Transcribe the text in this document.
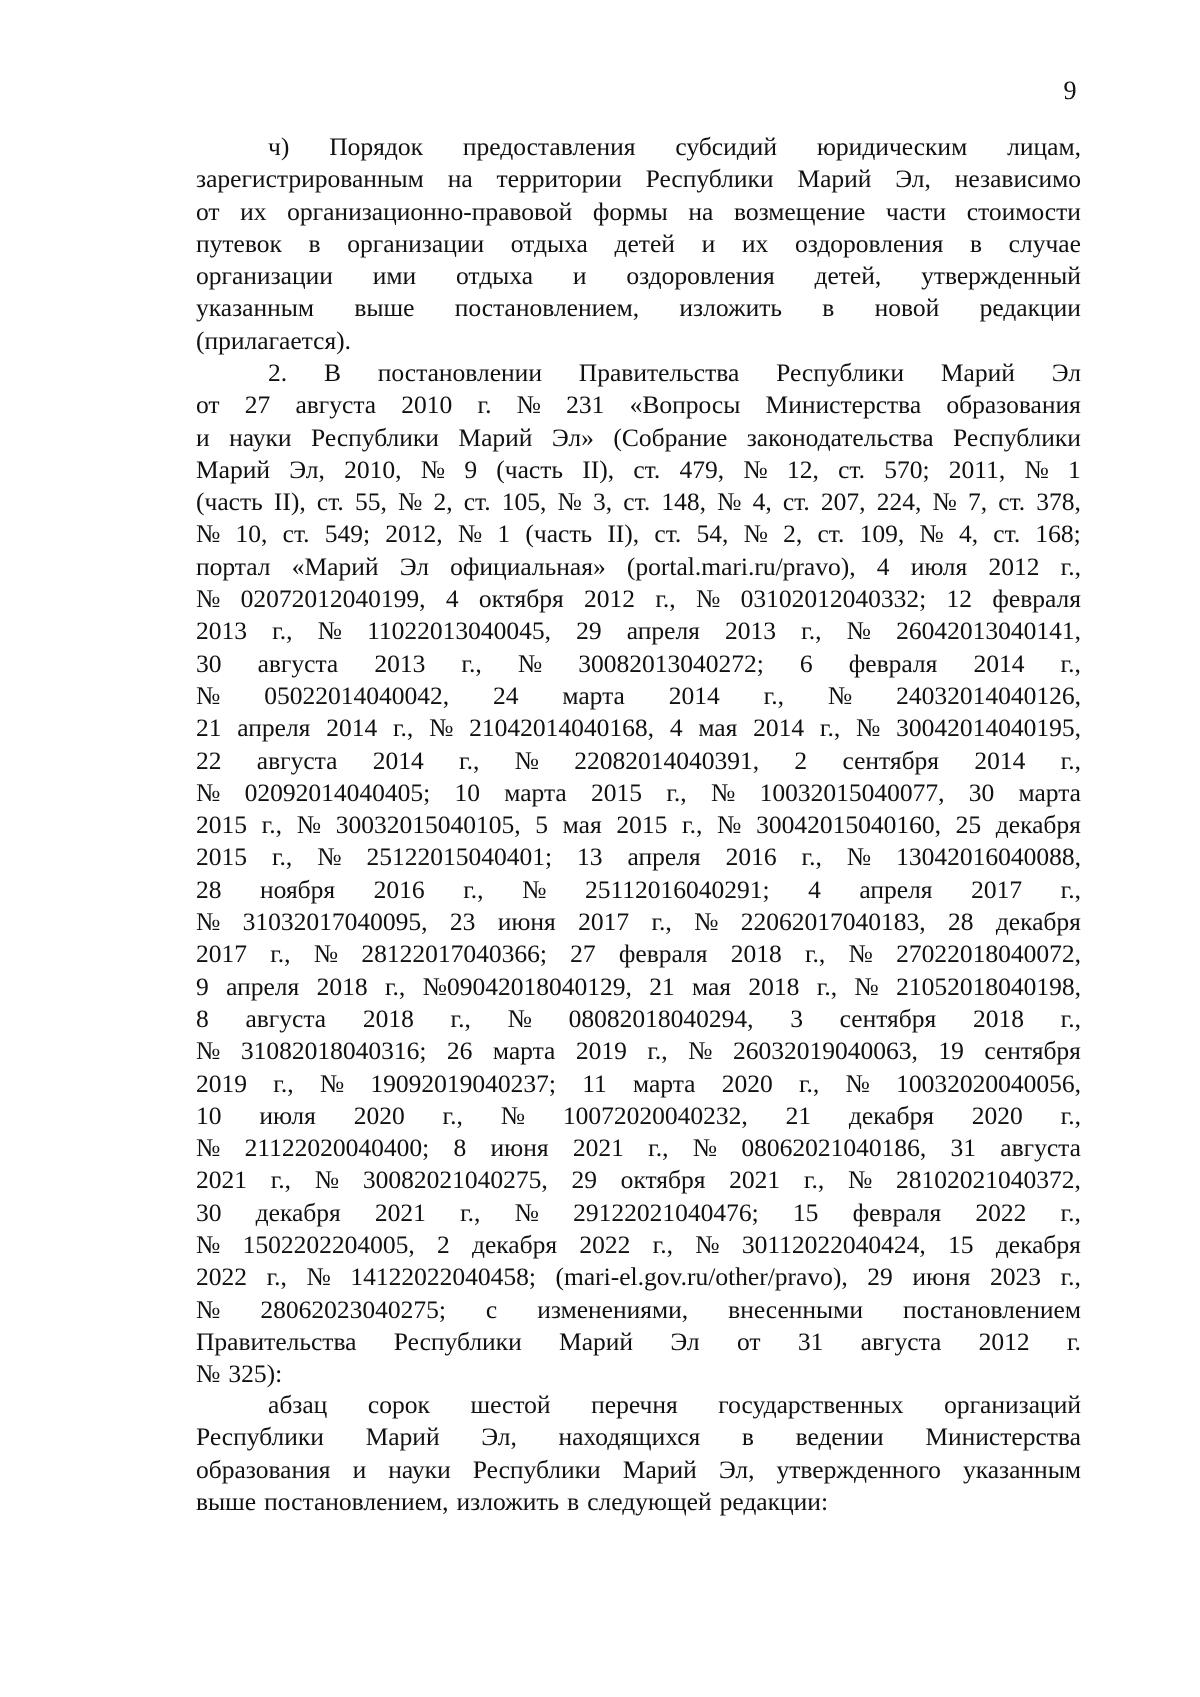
9
ч) Порядок предоставления субсидий юридическим лицам,
зарегистрированным на территории Республики Марий Эл, независимо
от их организационно-правовой формы на возмещение части стоимости
путевок в организации отдыха детей и их оздоровления в случае
организации ими отдыха и оздоровления детей, утвержденный
указанным выше постановлением, изложить в новой редакции
(прилагается).
2. В постановлении Правительства Республики Марий Эл
от 27 августа 2010 г. № 231 «Вопросы Министерства образования
и науки Республики Марий Эл» (Собрание законодательства Республики
Марий Эл, 2010, № 9 (часть II), ст. 479, № 12, ст. 570; 2011, № 1
(часть II), ст. 55, № 2, ст. 105, № 3, ст. 148, № 4, ст. 207, 224, № 7, ст. 378,
№ 10, ст. 549; 2012, № 1 (часть II), ст. 54, № 2, ст. 109, № 4, ст. 168;
портал «Марий Эл официальная» (portal.mari.ru/pravo), 4 июля 2012 г.,
№ 02072012040199, 4 октября 2012 г., № 03102012040332; 12 февраля
2013 г., № 11022013040045, 29 апреля 2013 г., № 26042013040141,
30 августа 2013 г., № 30082013040272; 6 февраля 2014 г.,
№ 05022014040042, 24 марта 2014 г., № 24032014040126,
21 апреля 2014 г., № 21042014040168, 4 мая 2014 г., № 30042014040195,
22 августа 2014 г., № 22082014040391, 2 сентября 2014 г.,
№ 02092014040405; 10 марта 2015 г., № 10032015040077, 30 марта
2015 г., № 30032015040105, 5 мая 2015 г., № 30042015040160, 25 декабря
2015 г., № 25122015040401; 13 апреля 2016 г., № 13042016040088,
28 ноября 2016 г., № 25112016040291; 4 апреля 2017 г.,
№ 31032017040095, 23 июня 2017 г., № 22062017040183, 28 декабря
2017 г., № 28122017040366; 27 февраля 2018 г., № 27022018040072,
9 апреля 2018 г., №09042018040129, 21 мая 2018 г., № 21052018040198,
8 августа 2018 г., № 08082018040294, 3 сентября 2018 г.,
№ 31082018040316; 26 марта 2019 г., № 26032019040063, 19 сентября
2019 г., № 19092019040237; 11 марта 2020 г., № 10032020040056,
10 июля 2020 г., № 10072020040232, 21 декабря 2020 г.,
№ 21122020040400; 8 июня 2021 г., № 08062021040186, 31 августа
2021 г., № 30082021040275, 29 октября 2021 г., № 28102021040372,
30 декабря 2021 г., № 29122021040476; 15 февраля 2022 г.,
№ 1502202204005, 2 декабря 2022 г., № 30112022040424, 15 декабря
2022 г., № 14122022040458; (mari-el.gov.ru/other/pravo), 29 июня 2023 г.,
№ 28062023040275; с изменениями, внесенными постановлением
Правительства Республики Марий Эл от 31 августа 2012 г.
№ 325):
абзац сорок шестой перечня государственных организаций
Республики Марий Эл, находящихся в ведении Министерства
образования и науки Республики Марий Эл, утвержденного указанным
выше постановлением, изложить в следующей редакции:
